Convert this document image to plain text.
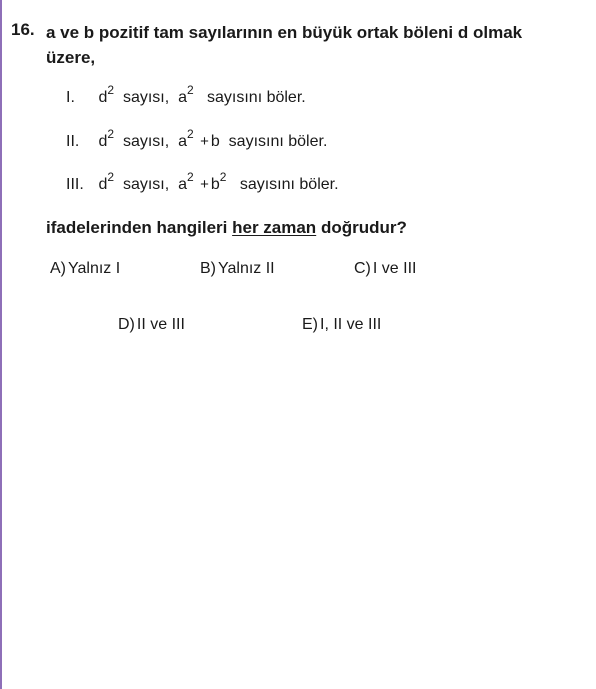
16. a ve b pozitif tam sayılarının en büyük ortak böleni d olmak üzere,
I. $d^2$ sayısı, $a^2$ sayısını böler.
II. $d^2$ sayısı, $a^2 + b$ sayısını böler.
III. $d^2$ sayısı, $a^2 + b^2$ sayısını böler.
ifadelerinden hangileri her zaman doğrudur?
A) Yalnız I	B) Yalnız II	C) I ve III
D) II ve III	E) I, II ve III
